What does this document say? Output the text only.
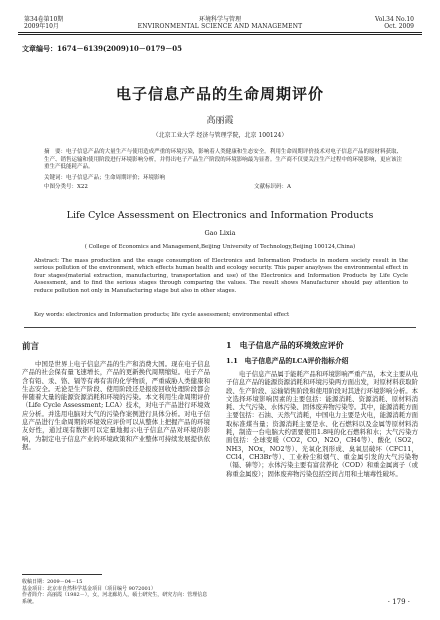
第34卷第10期
2009年10月
环境科学与管理
ENVIRONMENTAL SCIENCE AND MANAGEMENT
Vol.34 No.10
Oct. 2009
文章编号：1674－6139(2009)10－0179－05
电子信息产品的生命周期评价
高丽霞
（北京工业大学 经济与管理学院，北京 100124）
摘　要：电子信息产品的大量生产与使用造成严重的环境污染，影响着人类健康和生态安全。利用生命周期评价技术对电子信息产品的原材料获取、生产、销售运输和使用阶段进行环境影响分析，并得出电子产品生产阶段的环境影响最为显著。生产商不仅要关注生产过程中的环境影响，更应该注重生产低能耗产品。
关键词：电子信息产品；生命周期评价；环境影响
中图分类号：X22	文献标识码：A
Life Cylce Assessment on Electronics and Information Products
Gao Lixia
( College of Economics and Management,Beijing University of Technology,Beijing 100124,China)
Abstract: The mass production and the exage consumption of Electronics and Information Products in modern society result in the serious pollution of the environment, which effects human health and ecology security. This paper anaylyses the environmental effect in four stages(material extraction, manufacturing, transportation and use) of the Electronics and Information Products by Life Cycle Assessment, and to find the serious stages through comparing the values. The result shows Manufacturer should pay attention to reduce pollution not only in Manufacturing stage but also in other stages.
Key words: electronics and Information products; life cycle assessment; environmental effect
前言
中国是世界上电子信息产品的生产和消费大国。现在电子信息产品的社会保有量飞速增长，产品的更新换代周期缩短。电子产品含有铅、汞、铬、镉等有毒有害的化学物质，严重威胁人类健康和生态安全。无论是生产阶段、使用阶段还是报废回收处理阶段都会伴随着大量的能源资源消耗和环境的污染。本文利用生命周期评价（Life Cycle Assessment; LCA）技术，对电子产品进行环境效应分析。并选用电脑对大气的污染作案例进行具体分析。对电子信息产品进行生命周期的环境效应评价可以从整体上把握产品的环境友好性，通过现有数据可以定量地揭示电子信息产品对环境的影响，为制定电子信息产业的环境政策和产业整体可持续发展提供依据。
收稿日期：2009－04－15
基金项目：北京市自然科学基金项目（项目编号 9072001）
作者简介：高丽霞（1982－），女，河北廊坊人，硕士研究生，研究方向：管理信息系统。
1　电子信息产品的环境效应评价
1.1　电子信息产品的LCA评价指标介绍
电子信息产品属于能耗产品和环境影响严重产品，本文主要从电子信息产品的能源资源消耗和环境污染两方面出发，对原材料获取阶段、生产阶段、运输销售阶段和使用阶段对其进行环境影响分析。本文选择环境影响因素的主要包括：能源消耗、资源消耗、原材料消耗、大气污染、水体污染、固体废弃物污染等。其中，能源消耗方面主要包括：石油、天然气消耗，中国电力主要是火电，能源消耗方面取标准煤当量；资源消耗主要是水、化石燃料以及金属等原材料消耗，制造一台电脑大约需要使用1.8吨的化石燃料和水；大气污染方面包括：全球变暖（CO2，CO，N2O，CH4等）、酸化（SO2，NH3，NOx，NO2等）、光氧化剂形成、臭氧层破坏（CFC11，CCl4，CH3Br等）、工业粉尘和烟气、重金属引发的大气污染物（镉、砷等）；水体污染主要有富营养化（COD）和重金属离子（或称重金属废）；固体废弃物污染包括空间占用和土壤毒性破坏。
· 179 ·
